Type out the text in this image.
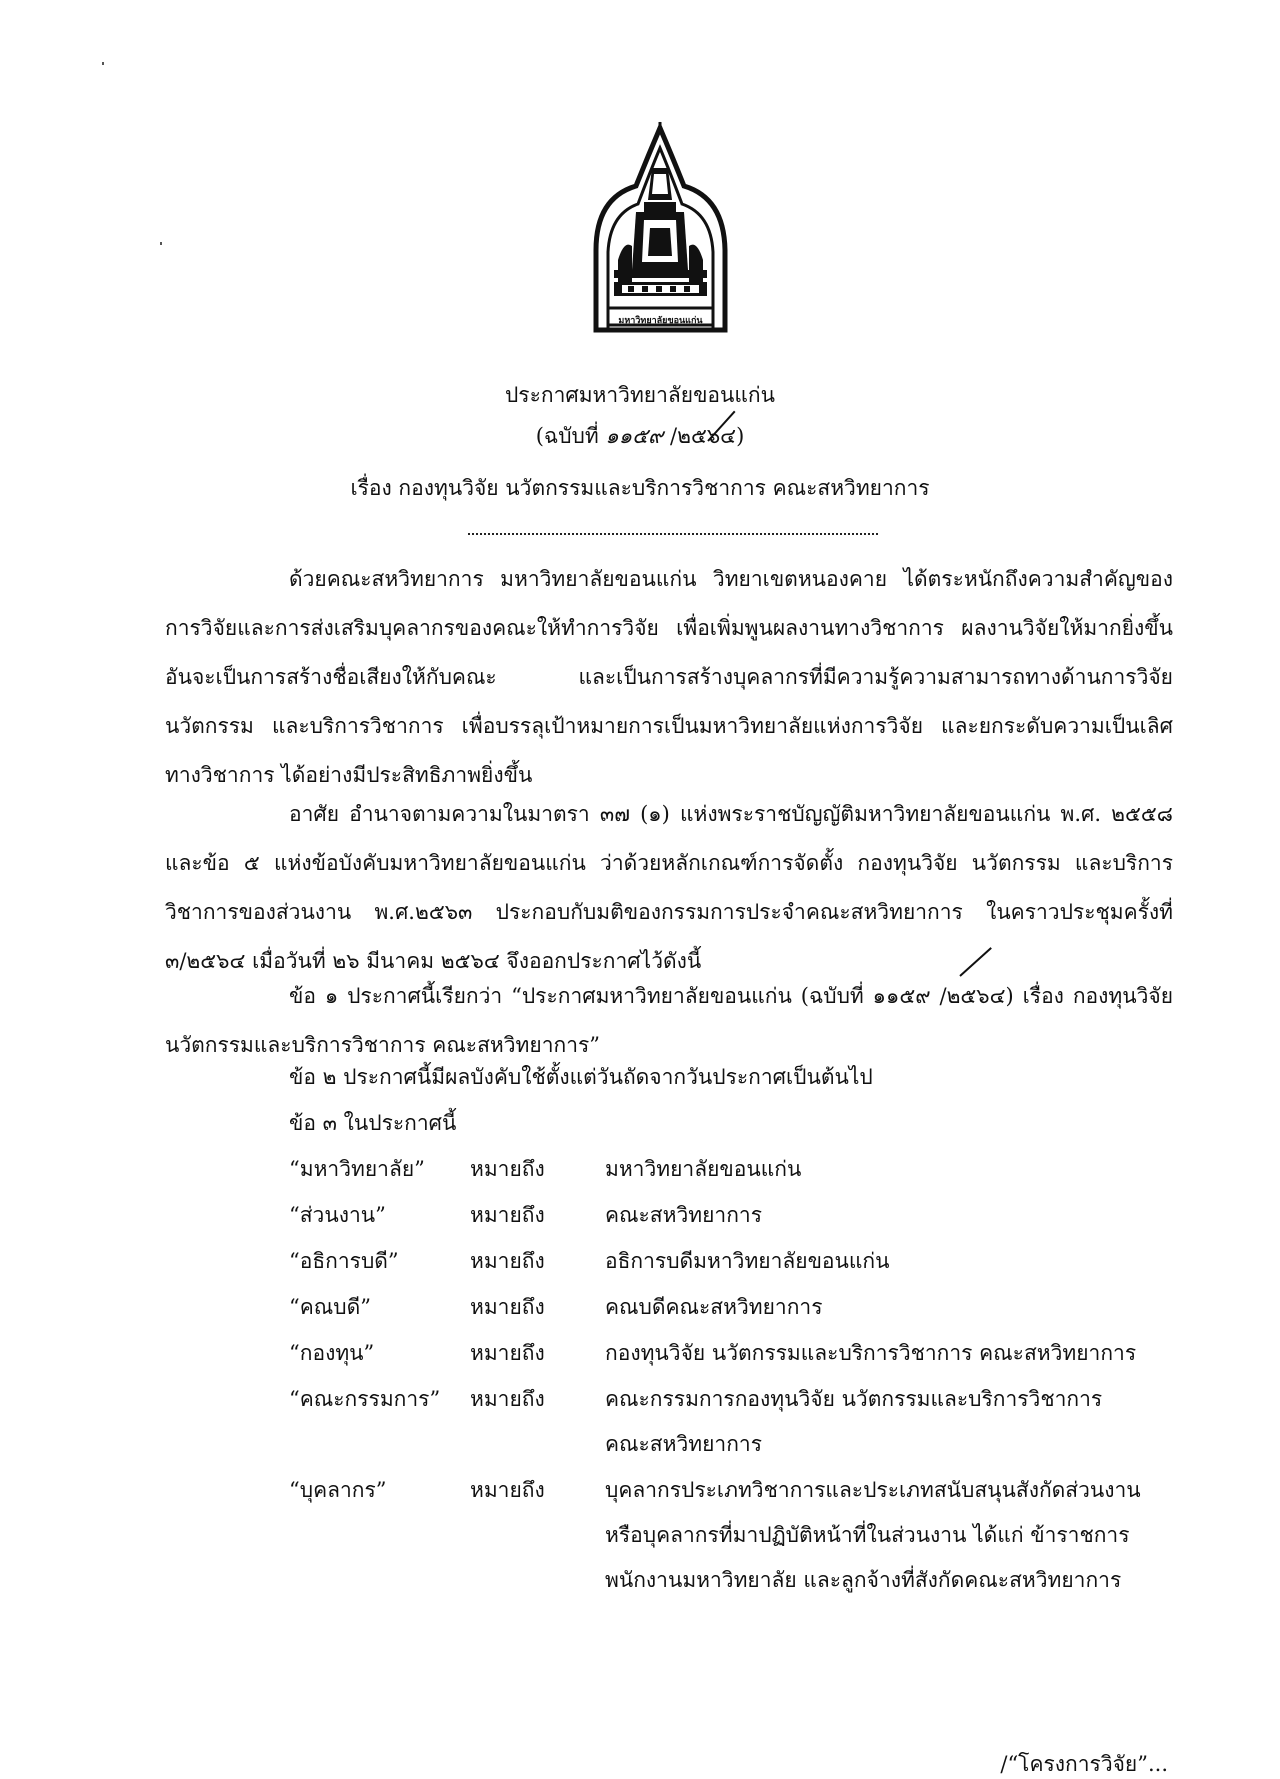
มหาวิทยาลัยขอนแก่น
ประกาศมหาวิทยาลัยขอนแก่น
(ฉบับที่ ๑๑๕๙ /๒๕๖๔)
เรื่อง กองทุนวิจัย นวัตกรรมและบริการวิชาการ คณะสหวิทยาการ
ด้วยคณะสหวิทยาการ มหาวิทยาลัยขอนแก่น วิทยาเขตหนองคาย ได้ตระหนักถึงความสำคัญของการวิจัยและการส่งเสริมบุคลากรของคณะให้ทำการวิจัย เพื่อเพิ่มพูนผลงานทางวิชาการ ผลงานวิจัยให้มากยิ่งขึ้น อันจะเป็นการสร้างชื่อเสียงให้กับคณะ และเป็นการสร้างบุคลากรที่มีความรู้ความสามารถทางด้านการวิจัย นวัตกรรม และบริการวิชาการ เพื่อบรรลุเป้าหมายการเป็นมหาวิทยาลัยแห่งการวิจัย และยกระดับความเป็นเลิศทางวิชาการ ได้อย่างมีประสิทธิภาพยิ่งขึ้น
อาศัย อำนาจตามความในมาตรา ๓๗ (๑) แห่งพระราชบัญญัติมหาวิทยาลัยขอนแก่น พ.ศ. ๒๕๕๘ และข้อ ๕ แห่งข้อบังคับมหาวิทยาลัยขอนแก่น ว่าด้วยหลักเกณฑ์การจัดตั้ง กองทุนวิจัย นวัตกรรม และบริการวิชาการของส่วนงาน พ.ศ.๒๕๖๓ ประกอบกับมติของกรรมการประจำคณะสหวิทยาการ ในคราวประชุมครั้งที่ ๓/๒๕๖๔ เมื่อวันที่ ๒๖ มีนาคม ๒๕๖๔ จึงออกประกาศไว้ดังนี้
ข้อ ๑ ประกาศนี้เรียกว่า “ประกาศมหาวิทยาลัยขอนแก่น (ฉบับที่ ๑๑๕๙ /๒๕๖๔) เรื่อง กองทุนวิจัย นวัตกรรมและบริการวิชาการ คณะสหวิทยาการ”
ข้อ ๒ ประกาศนี้มีผลบังคับใช้ตั้งแต่วันถัดจากวันประกาศเป็นต้นไป
ข้อ ๓ ในประกาศนี้
“มหาวิทยาลัย” หมายถึง	มหาวิทยาลัยขอนแก่น
“ส่วนงาน”	หมายถึง	คณะสหวิทยาการ
“อธิการบดี”	หมายถึง	อธิการบดีมหาวิทยาลัยขอนแก่น
“คณบดี”	หมายถึง	คณบดีคณะสหวิทยาการ
“กองทุน”	หมายถึง	กองทุนวิจัย นวัตกรรมและบริการวิชาการ คณะสหวิทยาการ
“คณะกรรมการ” หมายถึง	คณะกรรมการกองทุนวิจัย นวัตกรรมและบริการวิชาการ คณะสหวิทยาการ
“บุคลากร”	หมายถึง	บุคลากรประเภทวิชาการและประเภทสนับสนุนสังกัดส่วนงาน หรือบุคลากรที่มาปฏิบัติหน้าที่ในส่วนงาน ได้แก่ ข้าราชการ พนักงานมหาวิทยาลัย และลูกจ้างที่สังกัดคณะสหวิทยาการ
/“โครงการวิจัย”...
